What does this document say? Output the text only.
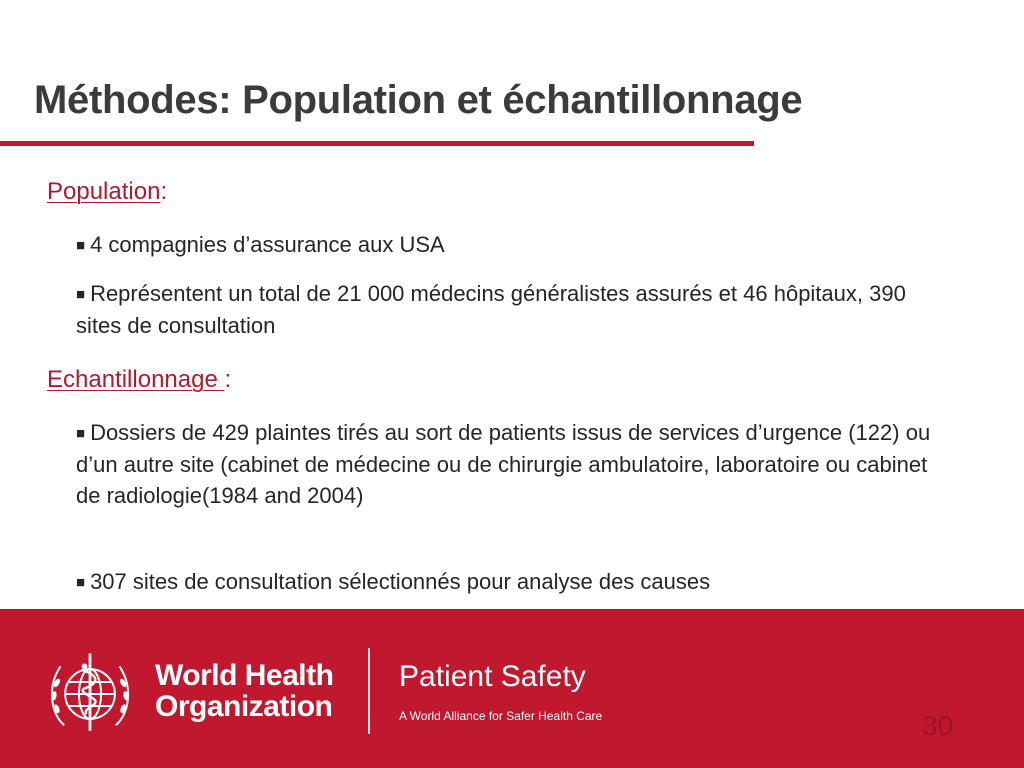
Méthodes: Population et échantillonnage
Population:
■ 4 compagnies d’assurance aux USA
■ Représentent un total de 21 000 médecins généralistes assurés et 46 hôpitaux, 390 sites de consultation
Echantillonnage :
■ Dossiers de 429 plaintes tirés au sort de patients issus de services d’urgence (122) ou d’un autre site (cabinet de médecine ou de chirurgie ambulatoire, laboratoire ou cabinet de radiologie(1984 and 2004)
■ 307 sites de consultation sélectionnés pour analyse des causes
World Health
Organization
Patient Safety
A World Alliance for Safer Health Care	30
